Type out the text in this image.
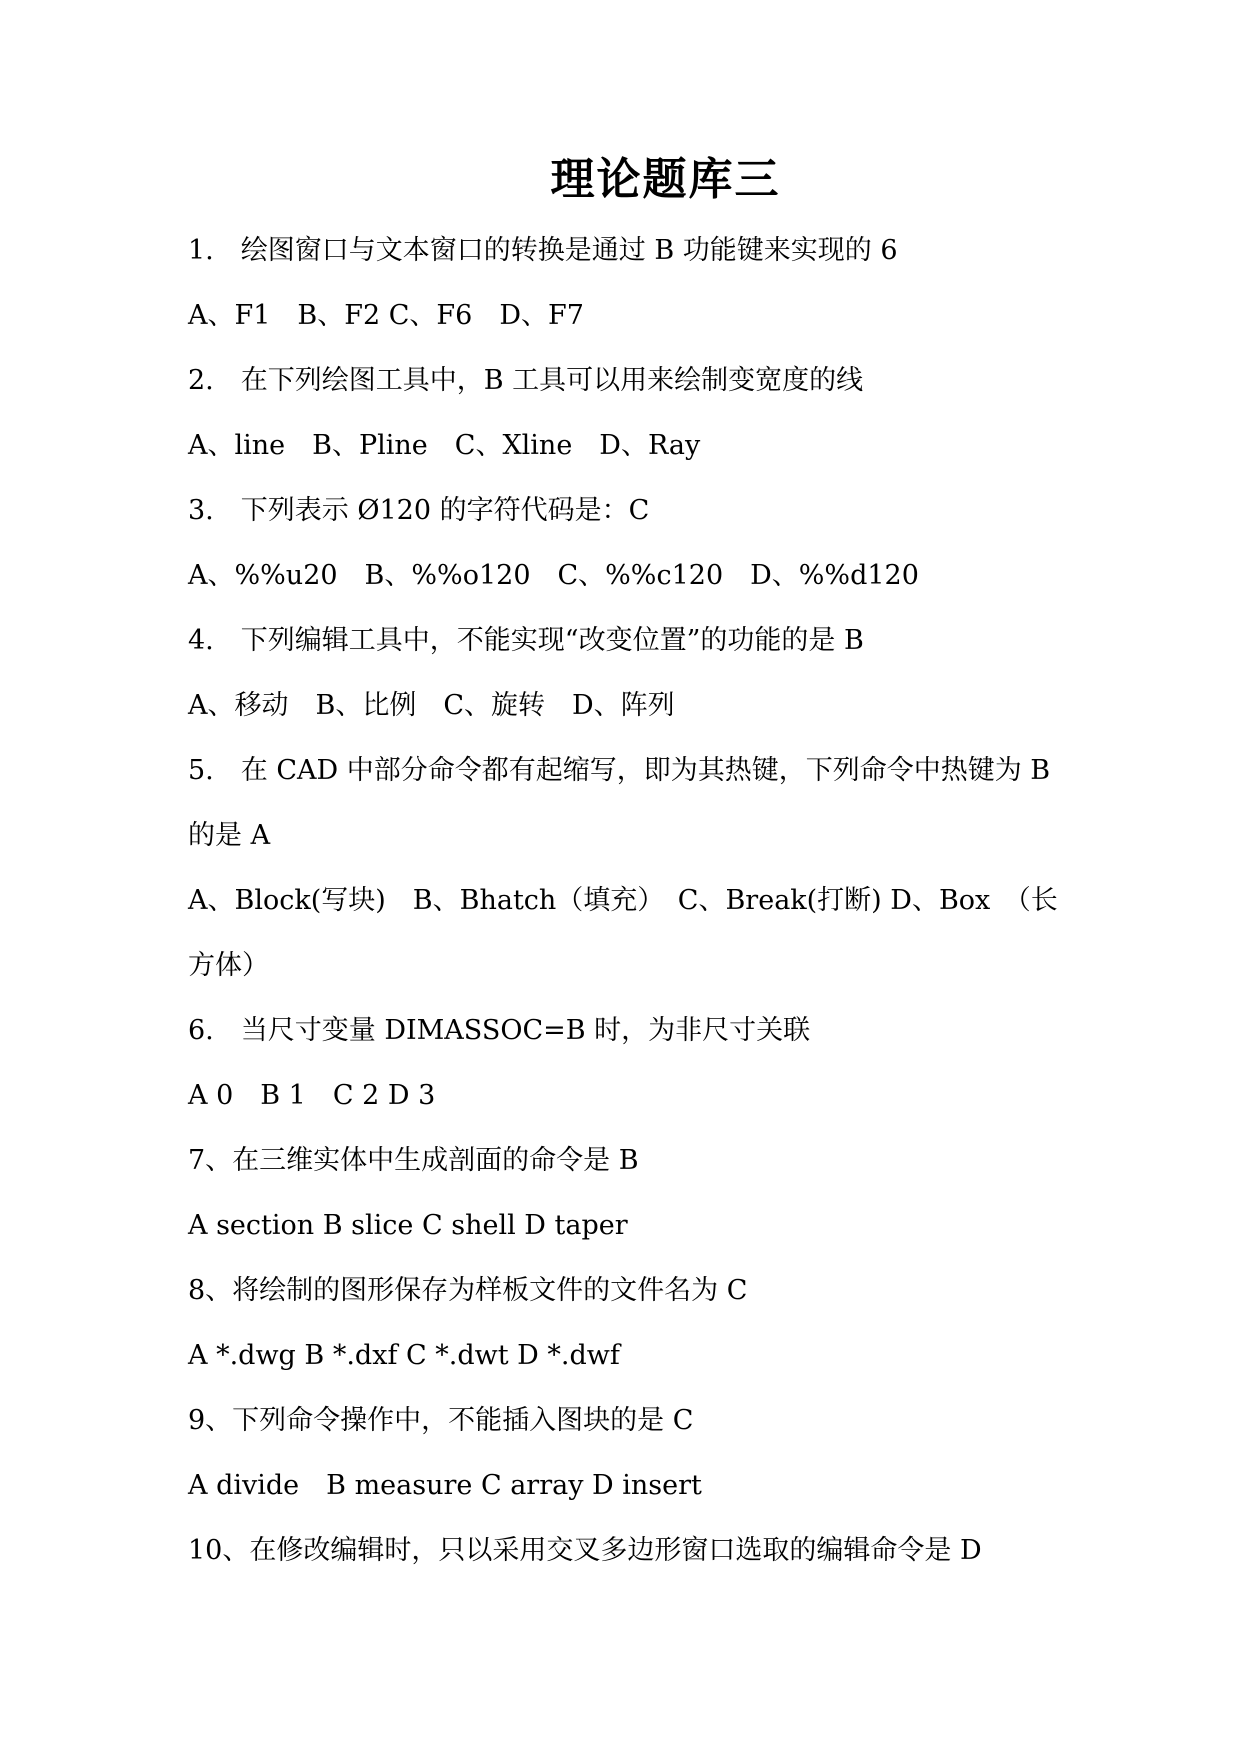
理论题库三
1.　绘图窗口与文本窗口的转换是通过 B 功能键来实现的 6
A、F1　B、F2 C、F6　D、F7
2.　在下列绘图工具中，B 工具可以用来绘制变宽度的线
A、line　B、Pline　C、Xline　D、Ray
3.　下列表示 Ø120 的字符代码是：C
A、%%u20　B、%%o120　C、%%c120　D、%%d120
4.　下列编辑工具中，不能实现“改变位置”的功能的是 B
A、移动　B、比例　C、旋转　D、阵列
5.　在 CAD 中部分命令都有起缩写，即为其热键，下列命令中热键为 B 的是 A
A、Block(写块)　B、Bhatch（填充）　C、Break(打断) D、Box　（长方体）
6.　当尺寸变量 DIMASSOC=B 时，为非尺寸关联
A 0　B 1　C 2 D 3
7、在三维实体中生成剖面的命令是 B
A section B slice C shell D taper
8、将绘制的图形保存为样板文件的文件名为 C
A *.dwg B *.dxf C *.dwt D *.dwf
9、下列命令操作中，不能插入图块的是 C
A divide　B measure C array D insert
10、在修改编辑时，只以采用交叉多边形窗口选取的编辑命令是 D
